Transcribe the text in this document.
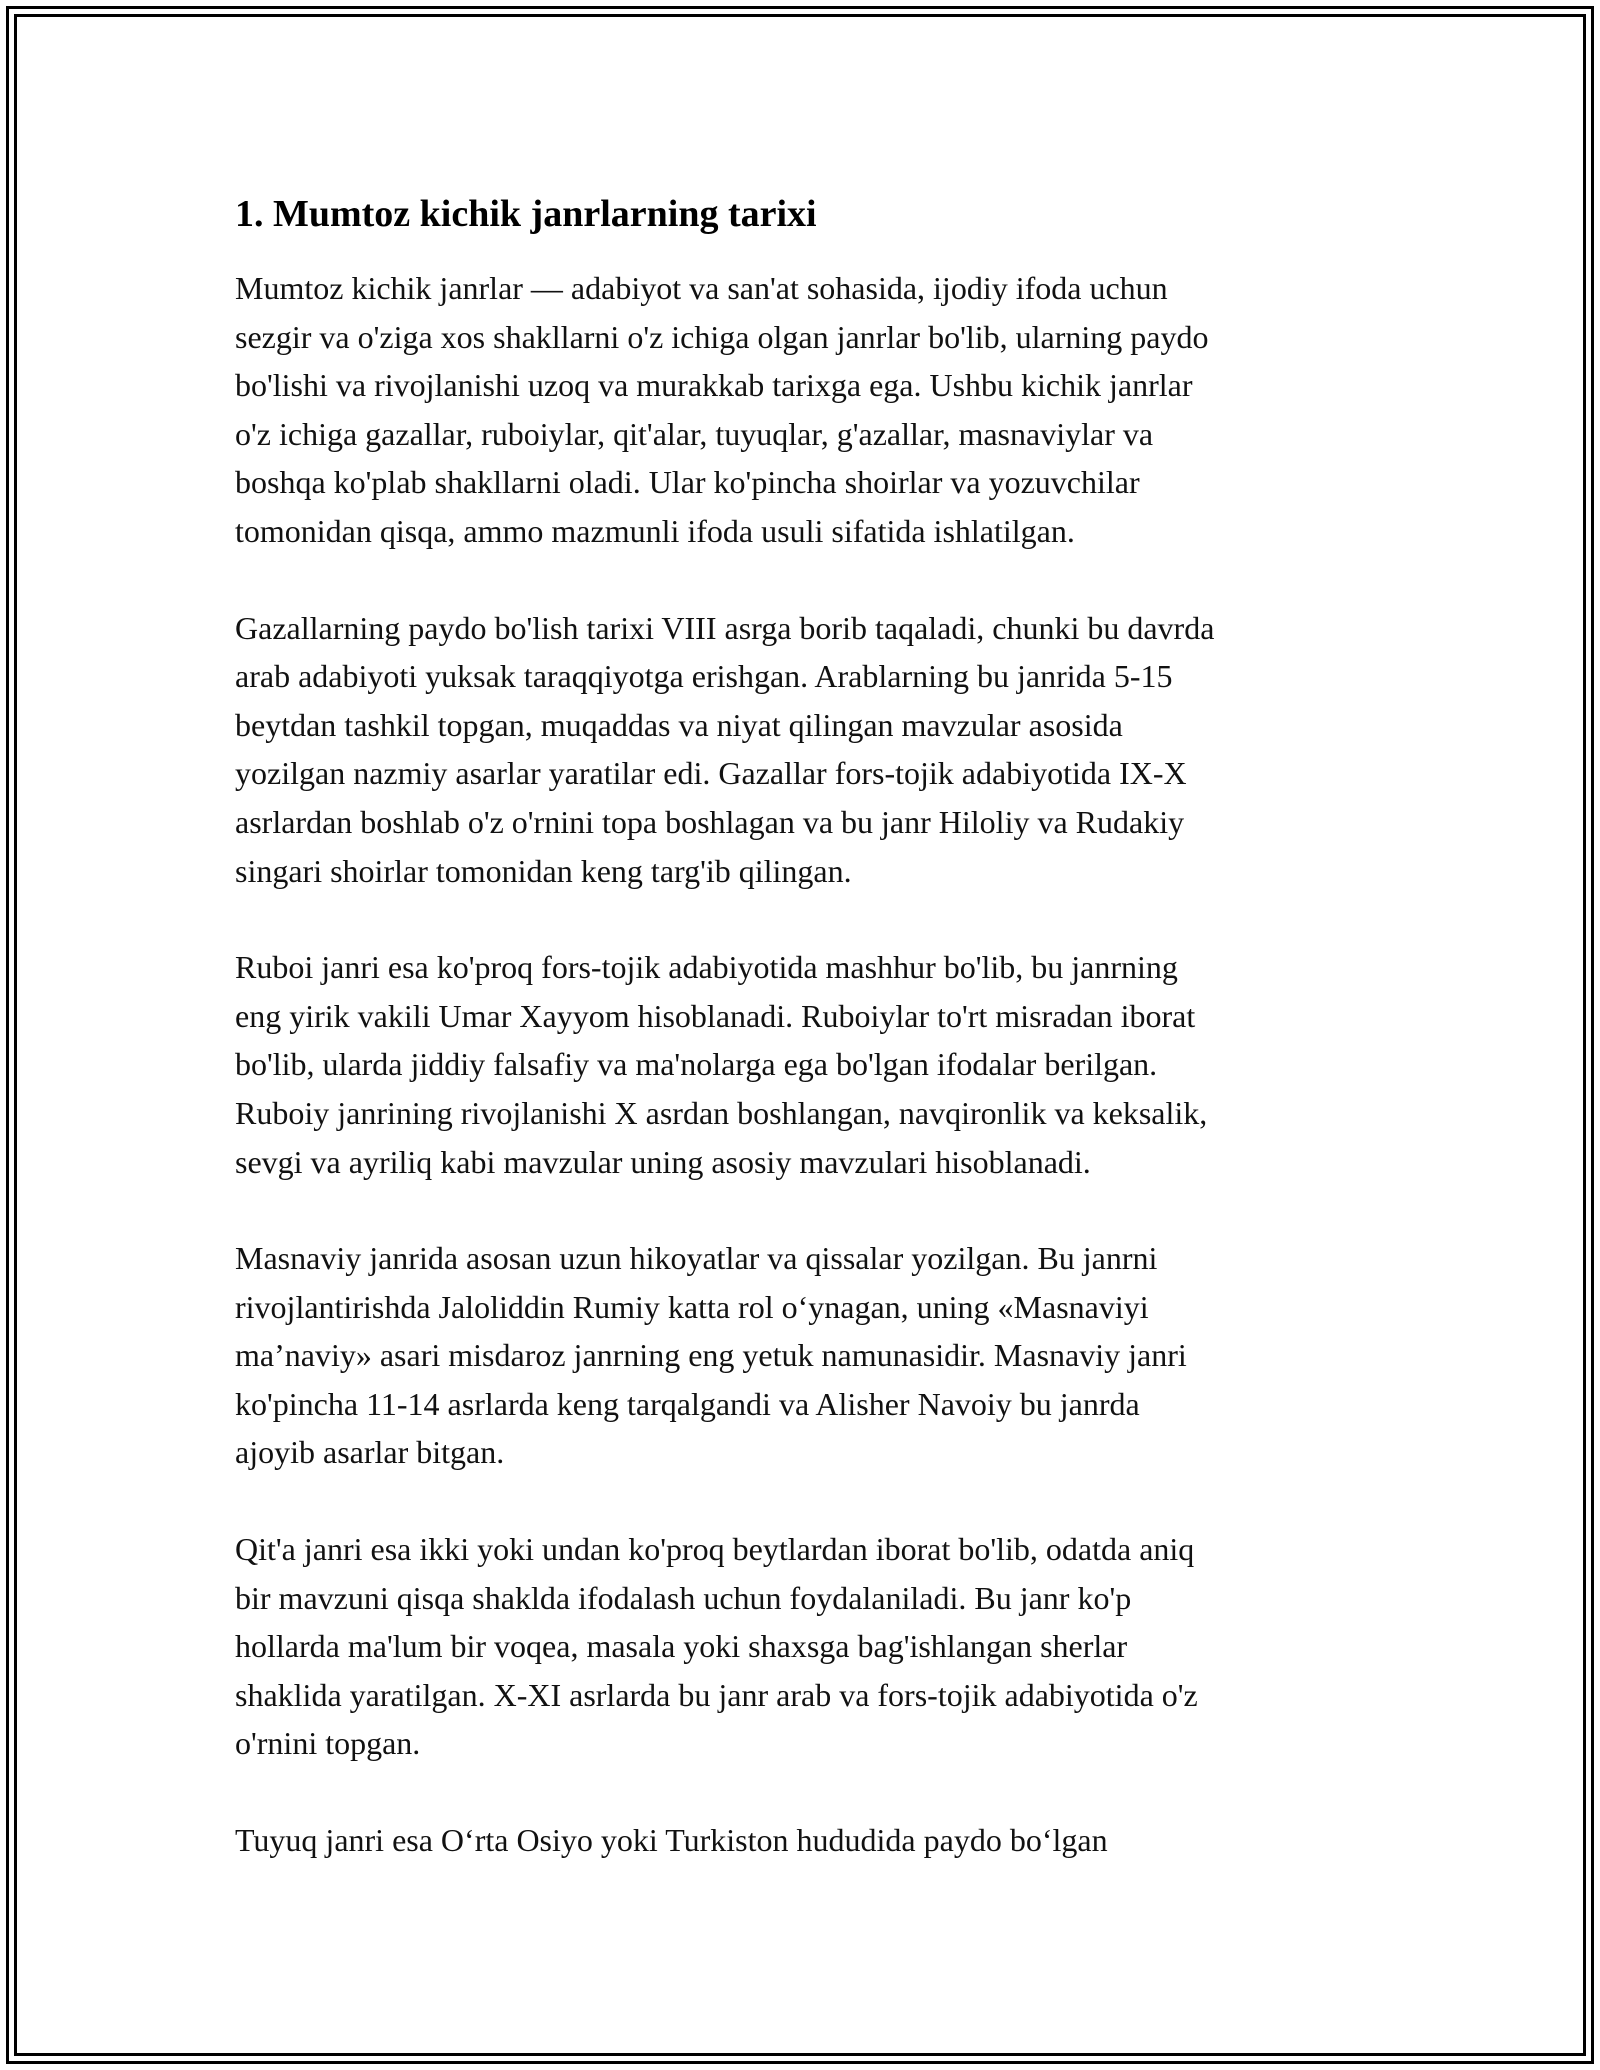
1. Mumtoz kichik janrlarning tarixi

Mumtoz kichik janrlar — adabiyot va san'at sohasida, ijodiy ifoda uchun
sezgir va o'ziga xos shakllarni o'z ichiga olgan janrlar bo'lib, ularning paydo
bo'lishi va rivojlanishi uzoq va murakkab tarixga ega. Ushbu kichik janrlar
o'z ichiga gazallar, ruboiylar, qit'alar, tuyuqlar, g'azallar, masnaviylar va
boshqa ko'plab shakllarni oladi. Ular ko'pincha shoirlar va yozuvchilar
tomonidan qisqa, ammo mazmunli ifoda usuli sifatida ishlatilgan.

Gazallarning paydo bo'lish tarixi VIII asrga borib taqaladi, chunki bu davrda
arab adabiyoti yuksak taraqqiyotga erishgan. Arablarning bu janrida 5-15
beytdan tashkil topgan, muqaddas va niyat qilingan mavzular asosida
yozilgan nazmiy asarlar yaratilar edi. Gazallar fors-tojik adabiyotida IX-X
asrlardan boshlab o'z o'rnini topa boshlagan va bu janr Hiloliy va Rudakiy
singari shoirlar tomonidan keng targ'ib qilingan.

Ruboi janri esa ko'proq fors-tojik adabiyotida mashhur bo'lib, bu janrning
eng yirik vakili Umar Xayyom hisoblanadi. Ruboiylar to'rt misradan iborat
bo'lib, ularda jiddiy falsafiy va ma'nolarga ega bo'lgan ifodalar berilgan.
Ruboiy janrining rivojlanishi X asrdan boshlangan, navqironlik va keksalik,
sevgi va ayriliq kabi mavzular uning asosiy mavzulari hisoblanadi.

Masnaviy janrida asosan uzun hikoyatlar va qissalar yozilgan. Bu janrni
rivojlantirishda Jaloliddin Rumiy katta rol o‘ynagan, uning «Masnaviyi
ma’naviy» asari misdaroz janrning eng yetuk namunasidir. Masnaviy janri
ko'pincha 11-14 asrlarda keng tarqalgandi va Alisher Navoiy bu janrda
ajoyib asarlar bitgan.

Qit'a janri esa ikki yoki undan ko'proq beytlardan iborat bo'lib, odatda aniq
bir mavzuni qisqa shaklda ifodalash uchun foydalaniladi. Bu janr ko'p
hollarda ma'lum bir voqea, masala yoki shaxsga bag'ishlangan sherlar
shaklida yaratilgan. X-XI asrlarda bu janr arab va fors-tojik adabiyotida o'z
o'rnini topgan.

Tuyuq janri esa O‘rta Osiyo yoki Turkiston hududida paydo bo‘lgan
